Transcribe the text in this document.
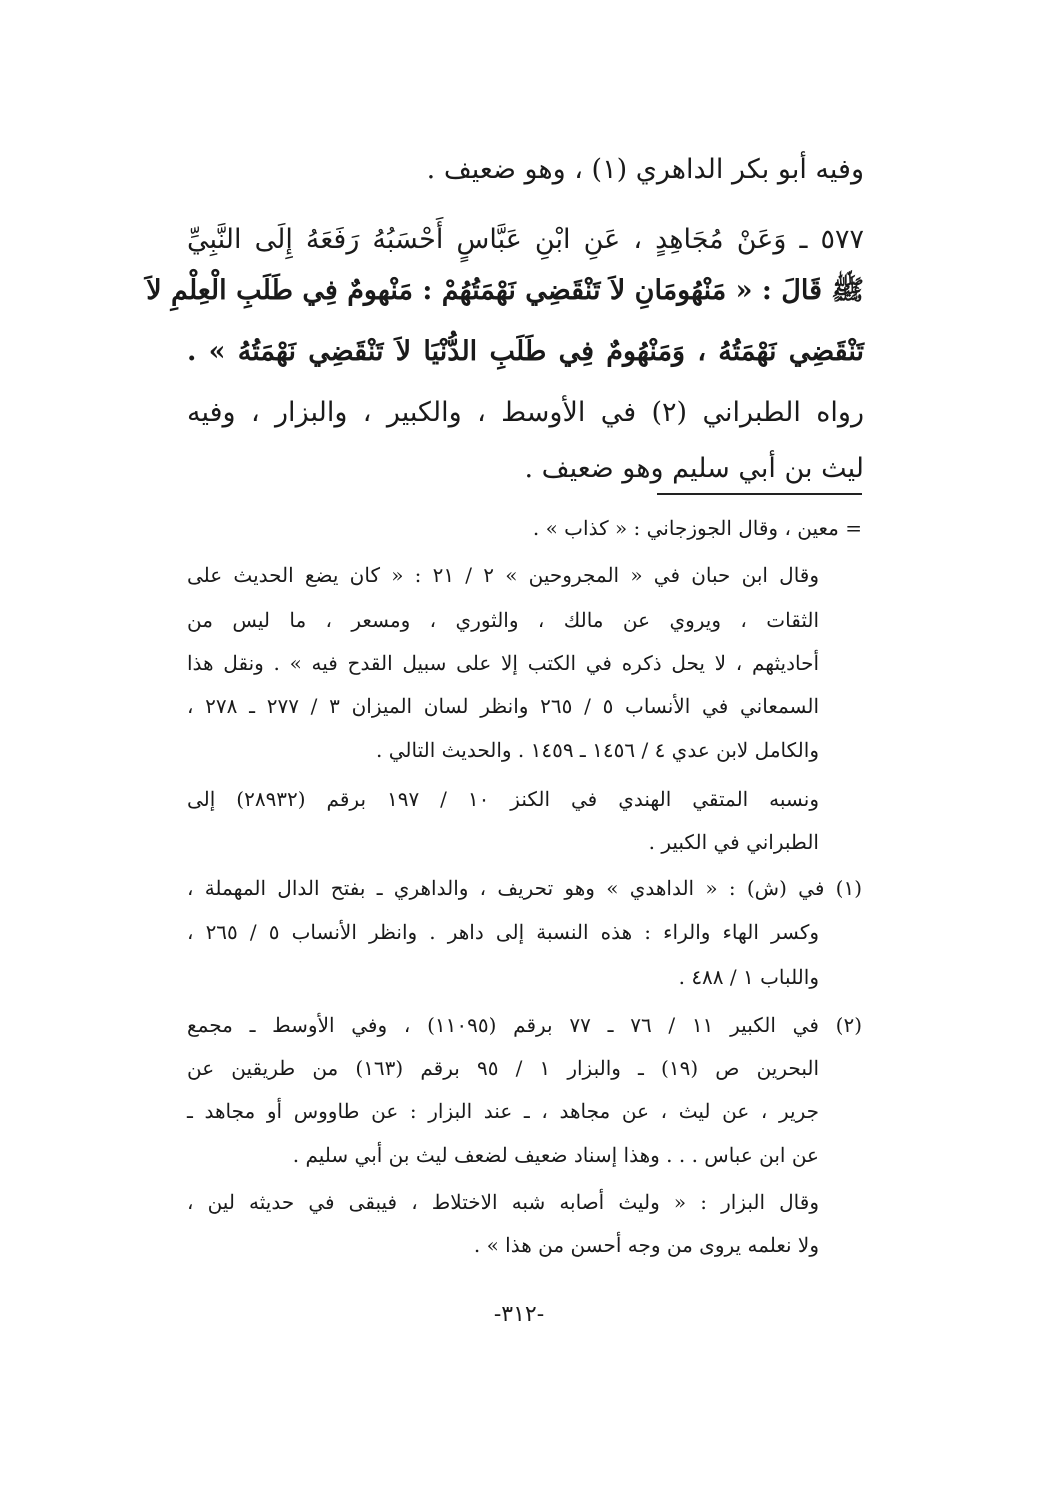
وفيه أبو بكر الداهري (١) ، وهو ضعيف .
٥٧٧ ـ وَعَنْ مُجَاهِدٍ ، عَنِ ابْنِ عَبَّاسٍ أَحْسَبُهُ رَفَعَهُ إِلَى النَّبِيِّ
ﷺ قَالَ : « مَنْهُومَانِ لاَ تَنْقَضِي نَهْمَتُهُمْ : مَنْهومٌ فِي طَلَبِ الْعِلْمِ لاَ
تَنْقَضِي نَهْمَتُهُ ، وَمَنْهُومٌ فِي طَلَبِ الدُّنْيَا لاَ تَنْقَضِي نَهْمَتُهُ » .
رواه الطبراني (٢) في الأوسط ، والكبير ، والبزار ، وفيه
ليث بن أبي سليم وهو ضعيف .
= معين ، وقال الجوزجاني : « كذاب » .
وقال ابن حبان في « المجروحين » ٢ / ٢١ : « كان يضع الحديث على
الثقات ، ويروي عن مالك ، والثوري ، ومسعر ، ما ليس من
أحاديثهم ، لا يحل ذكره في الكتب إلا على سبيل القدح فيه » . ونقل هذا
السمعاني في الأنساب ٥ / ٢٦٥ وانظر لسان الميزان ٣ / ٢٧٧ ـ ٢٧٨ ،
والكامل لابن عدي ٤ / ١٤٥٦ ـ ١٤٥٩ . والحديث التالي .
ونسبه المتقي الهندي في الكنز ١٠ / ١٩٧ برقم (٢٨٩٣٢) إلى
الطبراني في الكبير .
(١) في (ش) : « الداهدي » وهو تحريف ، والداهري ـ بفتح الدال المهملة ،
وكسر الهاء والراء : هذه النسبة إلى داهر . وانظر الأنساب ٥ / ٢٦٥ ،
واللباب ١ / ٤٨٨ .
(٢) في الكبير ١١ / ٧٦ ـ ٧٧ برقم (١١٠٩٥) ، وفي الأوسط ـ مجمع
البحرين ص (١٩) ـ والبزار ١ / ٩٥ برقم (١٦٣) من طريقين عن
جرير ، عن ليث ، عن مجاهد ، ـ عند البزار : عن طاووس أو مجاهد ـ
عن ابن عباس . . . وهذا إسناد ضعيف لضعف ليث بن أبي سليم .
وقال البزار : « وليث أصابه شبه الاختلاط ، فيبقى في حديثه لين ،
ولا نعلمه يروى من وجه أحسن من هذا » .
-٣١٢-
